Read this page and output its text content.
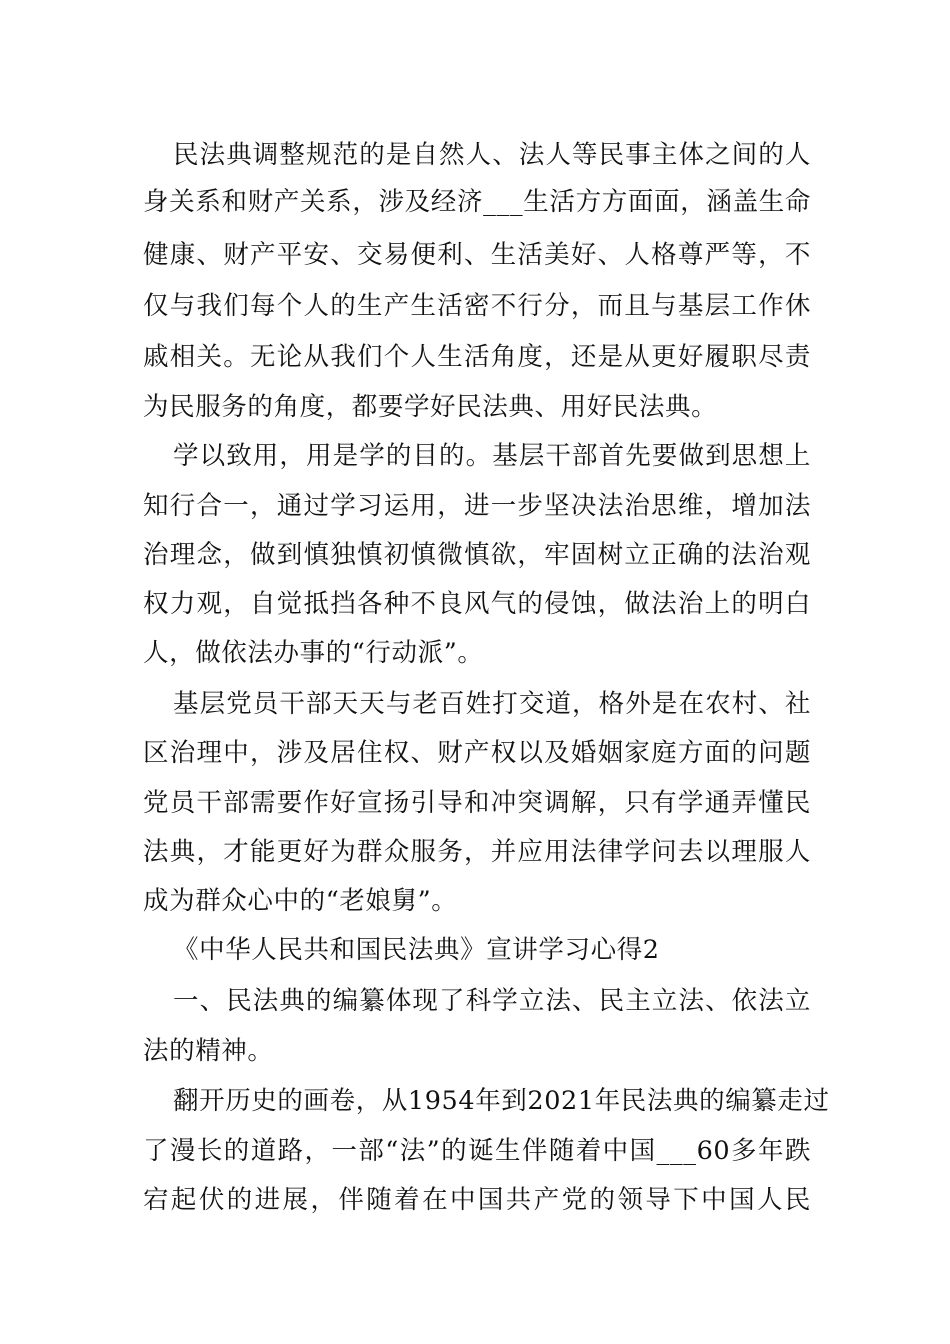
民法典调整规范的是自然人、法人等民事主体之间的人
身关系和财产关系，涉及经济___生活方方面面，涵盖生命
健康、财产平安、交易便利、生活美好、人格尊严等，不
仅与我们每个人的生产生活密不行分，而且与基层工作休
戚相关。无论从我们个人生活角度，还是从更好履职尽责
为民服务的角度，都要学好民法典、用好民法典。
学以致用，用是学的目的。基层干部首先要做到思想上
知行合一，通过学习运用，进一步坚决法治思维，增加法
治理念，做到慎独慎初慎微慎欲，牢固树立正确的法治观
权力观，自觉抵挡各种不良风气的侵蚀，做法治上的明白
人，做依法办事的“行动派”。
基层党员干部天天与老百姓打交道，格外是在农村、社
区治理中，涉及居住权、财产权以及婚姻家庭方面的问题
党员干部需要作好宣扬引导和冲突调解，只有学通弄懂民
法典，才能更好为群众服务，并应用法律学问去以理服人
成为群众心中的“老娘舅”。
《中华人民共和国民法典》宣讲学习心得2
一、民法典的编纂体现了科学立法、民主立法、依法立
法的精神。
翻开历史的画卷，从1954年到2021年民法典的编纂走过
了漫长的道路，一部“法”的诞生伴随着中国___60多年跌
宕起伏的进展，伴随着在中国共产党的领导下中国人民
